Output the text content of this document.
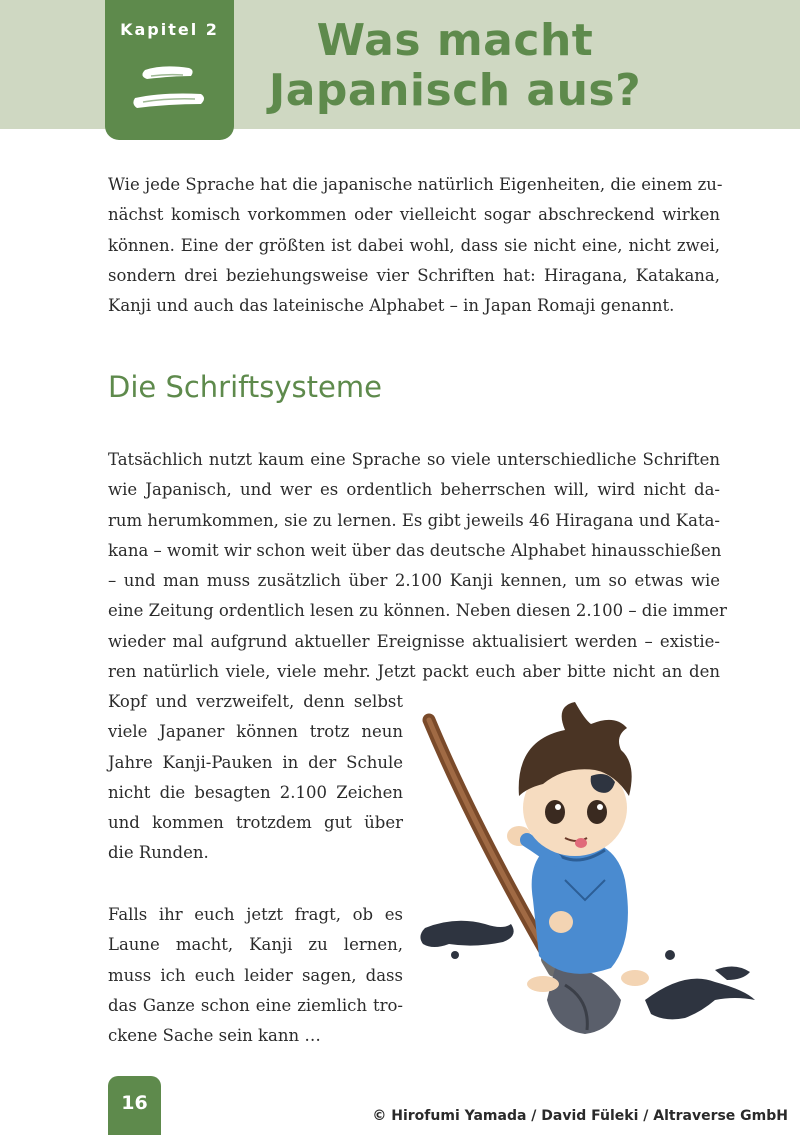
Kapitel 2	Was macht
Japanisch aus?
Wie jede Sprache hat die japanische natürlich Eigenheiten, die einem zu-
nächst komisch vorkommen oder vielleicht sogar abschreckend wirken
können. Eine der größten ist dabei wohl, dass sie nicht eine, nicht zwei,
sondern drei beziehungsweise vier Schriften hat: Hiragana, Katakana,
Kanji und auch das lateinische Alphabet – in Japan Romaji genannt.
Die Schriftsysteme
Tatsächlich nutzt kaum eine Sprache so viele unterschiedliche Schriften
wie Japanisch, und wer es ordentlich beherrschen will, wird nicht da-
rum herumkommen, sie zu lernen. Es gibt jeweils 46 Hiragana und Kata-
kana – womit wir schon weit über das deutsche Alphabet hinausschießen
– und man muss zusätzlich über 2.100 Kanji kennen, um so etwas wie
eine Zeitung ordentlich lesen zu können. Neben diesen 2.100 – die immer
wieder mal aufgrund aktueller Ereignisse aktualisiert werden – existie-
ren natürlich viele, viele mehr. Jetzt packt euch aber bitte nicht an den
Kopf und verzweifelt, denn selbst
viele Japaner können trotz neun
Jahre Kanji-Pauken in der Schule
nicht die besagten 2.100 Zeichen
und kommen trotzdem gut über
die Runden.
Falls ihr euch jetzt fragt, ob es
Laune macht, Kanji zu lernen,
muss ich euch leider sagen, dass
das Ganze schon eine ziemlich tro-
ckene Sache sein kann …
16
© Hirofumi Yamada / David Füleki / Altraverse GmbH
